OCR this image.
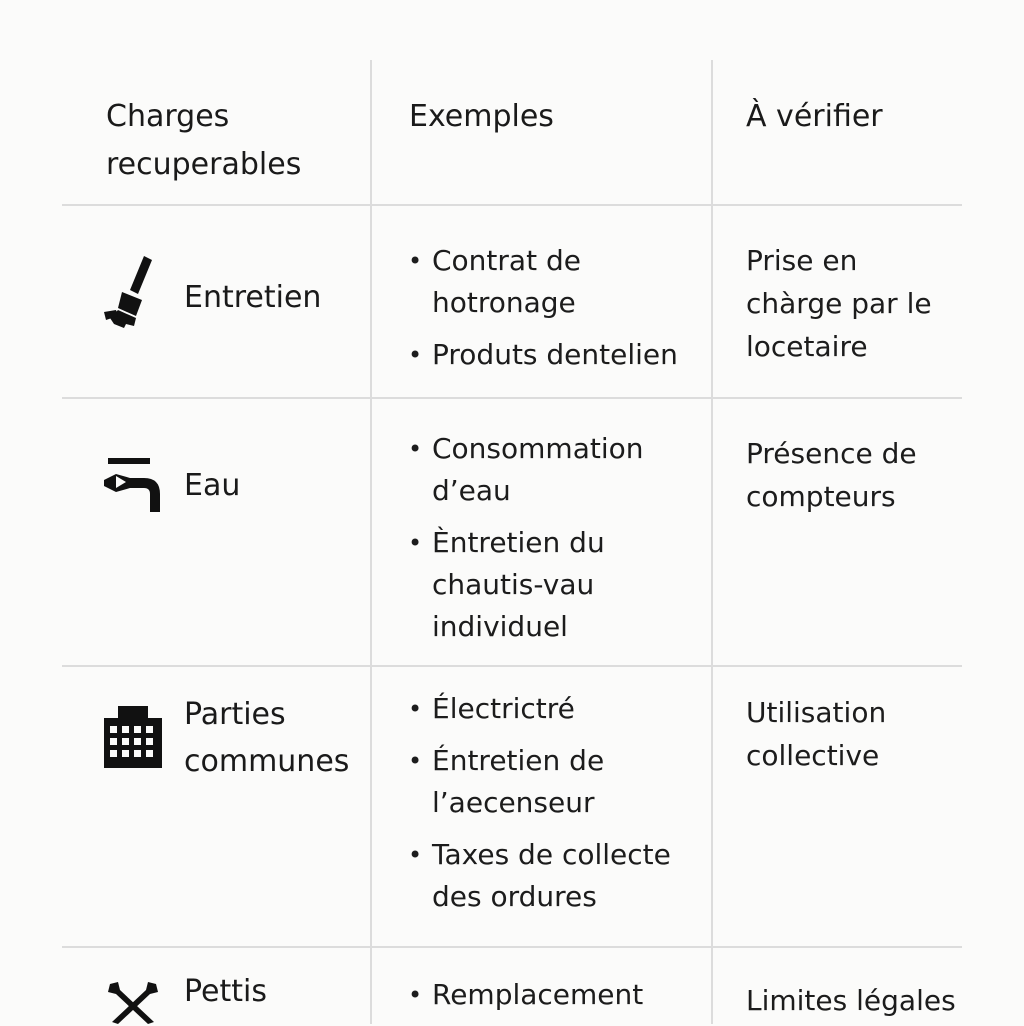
Charges recuperables
Exemples	À vérifier
Entretien
• Contrat de hotronage
• Produts dentelien
Prise en chàrge par le locetaire
Eau
• Consommation d’eau
• Èntretien du chautis-vau individuel
Présence de compteurs
Parties communes
• Électrictré
• Éntretien de l’aecenseur
• Taxes de collecte des ordures
Utilisation collective
Pettis
•	Remplacement	Limites légales
